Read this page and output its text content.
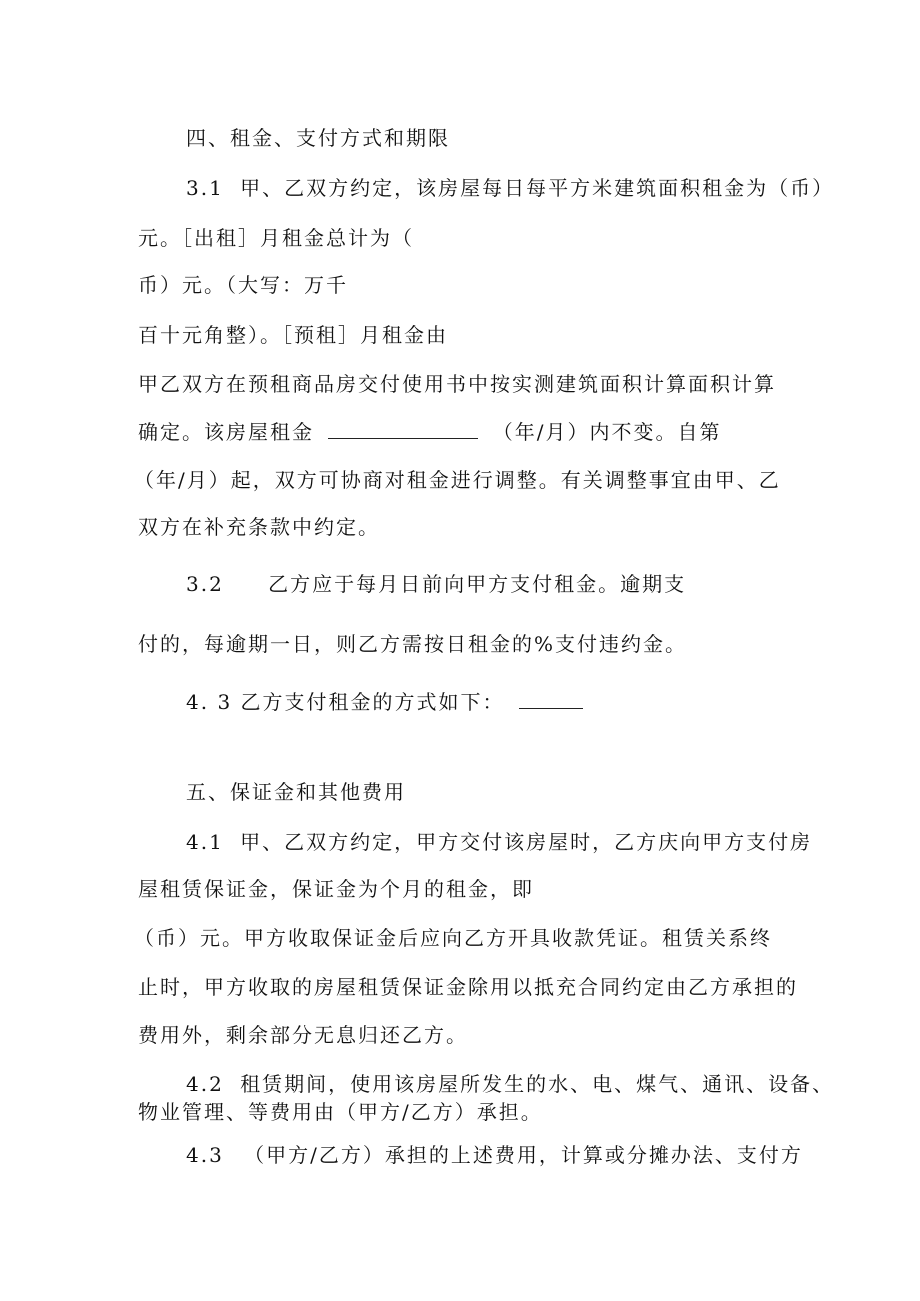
四、租金、支付方式和期限
3.1 甲、乙双方约定，该房屋每日每平方米建筑面积租金为（币）
元。［出租］月租金总计为（
币）元。（大写：万千
百十元角整）。［预租］月租金由
甲乙双方在预租商品房交付使用书中按实测建筑面积计算面积计算
确定。该房屋租金	（年/月）内不变。自第
（年/月）起，双方可协商对租金进行调整。有关调整事宜由甲、乙
双方在补充条款中约定。
3.2 乙方应于每月日前向甲方支付租金。逾期支
付的，每逾期一日，则乙方需按日租金的%支付违约金。
4. 3 乙方支付租金的方式如下：
五、保证金和其他费用
4.1 甲、乙双方约定，甲方交付该房屋时，乙方庆向甲方支付房
屋租赁保证金，保证金为个月的租金，即
（币）元。甲方收取保证金后应向乙方开具收款凭证。租赁关系终
止时，甲方收取的房屋租赁保证金除用以抵充合同约定由乙方承担的
费用外，剩余部分无息归还乙方。
4.2 租赁期间，使用该房屋所发生的水、电、煤气、通讯、设备、
物业管理、等费用由（甲方/乙方）承担。
4.3 （甲方/乙方）承担的上述费用，计算或分摊办法、支付方
